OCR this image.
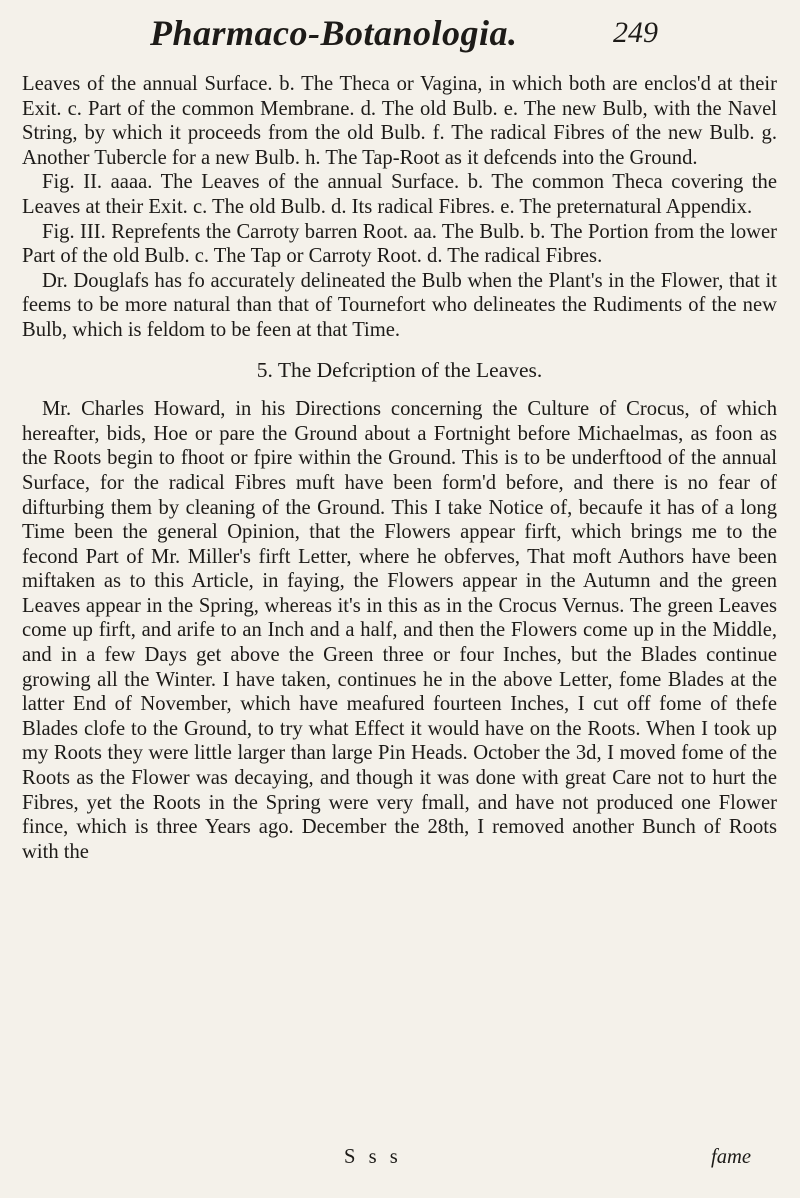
Pharmaco-Botanologia.	249

Leaves of the annual Surface. b. The Theca or Vagina, in which both are enclos'd at their Exit. c. Part of the common Membrane. d. The old Bulb. e. The new Bulb, with the Navel String, by which it proceeds from the old Bulb. f. The radical Fibres of the new Bulb. g. Another Tubercle for a new Bulb. h. The Tap-Root as it defcends into the Ground.

Fig. II. aaaa. The Leaves of the annual Surface. b. The common Theca covering the Leaves at their Exit. c. The old Bulb. d. Its radical Fibres. e. The preternatural Appendix.

Fig. III. Reprefents the Carroty barren Root. aa. The Bulb. b. The Portion from the lower Part of the old Bulb. c. The Tap or Carroty Root. d. The radical Fibres.

Dr. Douglafs has fo accurately delineated the Bulb when the Plant's in the Flower, that it feems to be more natural than that of Tournefort who delineates the Rudiments of the new Bulb, which is feldom to be feen at that Time.

5. The Defcription of the Leaves.

Mr. Charles Howard, in his Directions concerning the Culture of Crocus, of which hereafter, bids, Hoe or pare the Ground about a Fortnight before Michaelmas, as foon as the Roots begin to fhoot or fpire within the Ground. This is to be underftood of the annual Surface, for the radical Fibres muft have been form'd before, and there is no fear of difturbing them by cleaning of the Ground. This I take Notice of, becaufe it has of a long Time been the general Opinion, that the Flowers appear firft, which brings me to the fecond Part of Mr. Miller's firft Letter, where he obferves, That moft Authors have been miftaken as to this Article, in faying, the Flowers appear in the Autumn and the green Leaves appear in the Spring, whereas it's in this as in the Crocus Vernus. The green Leaves come up firft, and arife to an Inch and a half, and then the Flowers come up in the Middle, and in a few Days get above the Green three or four Inches, but the Blades continue growing all the Winter. I have taken, continues he in the above Letter, fome Blades at the latter End of November, which have meafured fourteen Inches, I cut off fome of thefe Blades clofe to the Ground, to try what Effect it would have on the Roots. When I took up my Roots they were little larger than large Pin Heads. October the 3d, I moved fome of the Roots as the Flower was decaying, and though it was done with great Care not to hurt the Fibres, yet the Roots in the Spring were very fmall, and have not produced one Flower fince, which is three Years ago. December the 28th, I removed another Bunch of Roots with the

S s s	fame
